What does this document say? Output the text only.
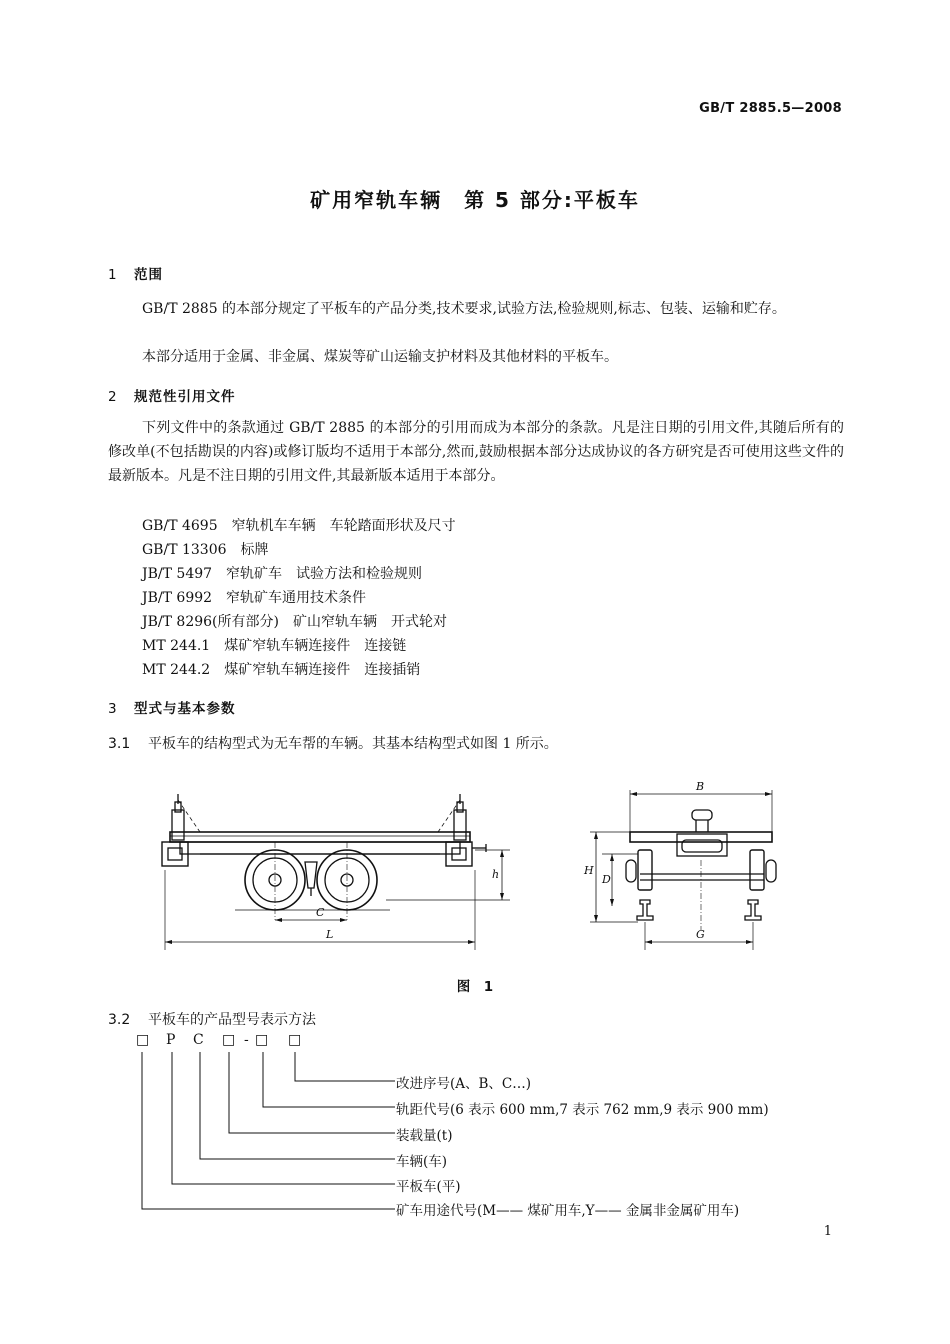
GB/T 2885.5—2008
矿用窄轨车辆　第 5 部分:平板车
1 范围
GB/T 2885 的本部分规定了平板车的产品分类,技术要求,试验方法,检验规则,标志、包装、运输和贮存。
本部分适用于金属、非金属、煤炭等矿山运输支护材料及其他材料的平板车。
2 规范性引用文件
下列文件中的条款通过 GB/T 2885 的本部分的引用而成为本部分的条款。凡是注日期的引用文件,其随后所有的修改单(不包括勘误的内容)或修订版均不适用于本部分,然而,鼓励根据本部分达成协议的各方研究是否可使用这些文件的最新版本。凡是不注日期的引用文件,其最新版本适用于本部分。
GB/T 4695　窄轨机车车辆　车轮踏面形状及尺寸
GB/T 13306　标牌
JB/T 5497　窄轨矿车　试验方法和检验规则
JB/T 6992　窄轨矿车通用技术条件
JB/T 8296(所有部分)　矿山窄轨车辆　开式轮对
MT 244.1　煤矿窄轨车辆连接件　连接链
MT 244.2　煤矿窄轨车辆连接件　连接插销
3 型式与基本参数
3.1 平板车的结构型式为无车帮的车辆。其基本结构型式如图 1 所示。
C
L
h
B
H
D
G
图　1
3.2 平板车的产品型号表示方法
□ P C □ - □ □
改进序号(A、B、C…)
轨距代号(6 表示 600 mm,7 表示 762 mm,9 表示 900 mm)
装载量(t)
车辆(车)
平板车(平)
矿车用途代号(M—— 煤矿用车,Y—— 金属非金属矿用车)
1
